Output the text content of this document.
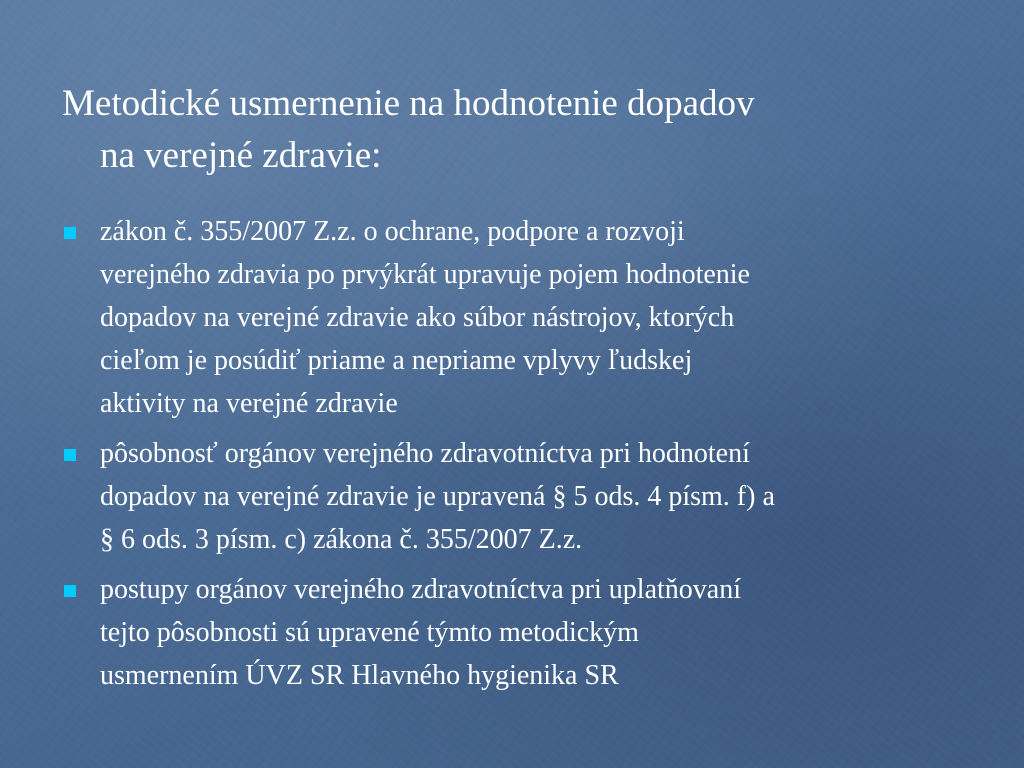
Metodické usmernenie na hodnotenie dopadov
na verejné zdravie:
zákon č. 355/2007 Z.z. o ochrane, podpore a rozvoji
verejného zdravia po prvýkrát upravuje pojem hodnotenie
dopadov na verejné zdravie ako súbor nástrojov, ktorých
cieľom je posúdiť priame a nepriame vplyvy ľudskej
aktivity na verejné zdravie
pôsobnosť orgánov verejného zdravotníctva pri hodnotení
dopadov na verejné zdravie je upravená § 5 ods. 4 písm. f) a
§ 6 ods. 3 písm. c) zákona č. 355/2007 Z.z.
postupy orgánov verejného zdravotníctva pri uplatňovaní
tejto pôsobnosti sú upravené týmto metodickým
usmernením ÚVZ SR Hlavného hygienika SR
